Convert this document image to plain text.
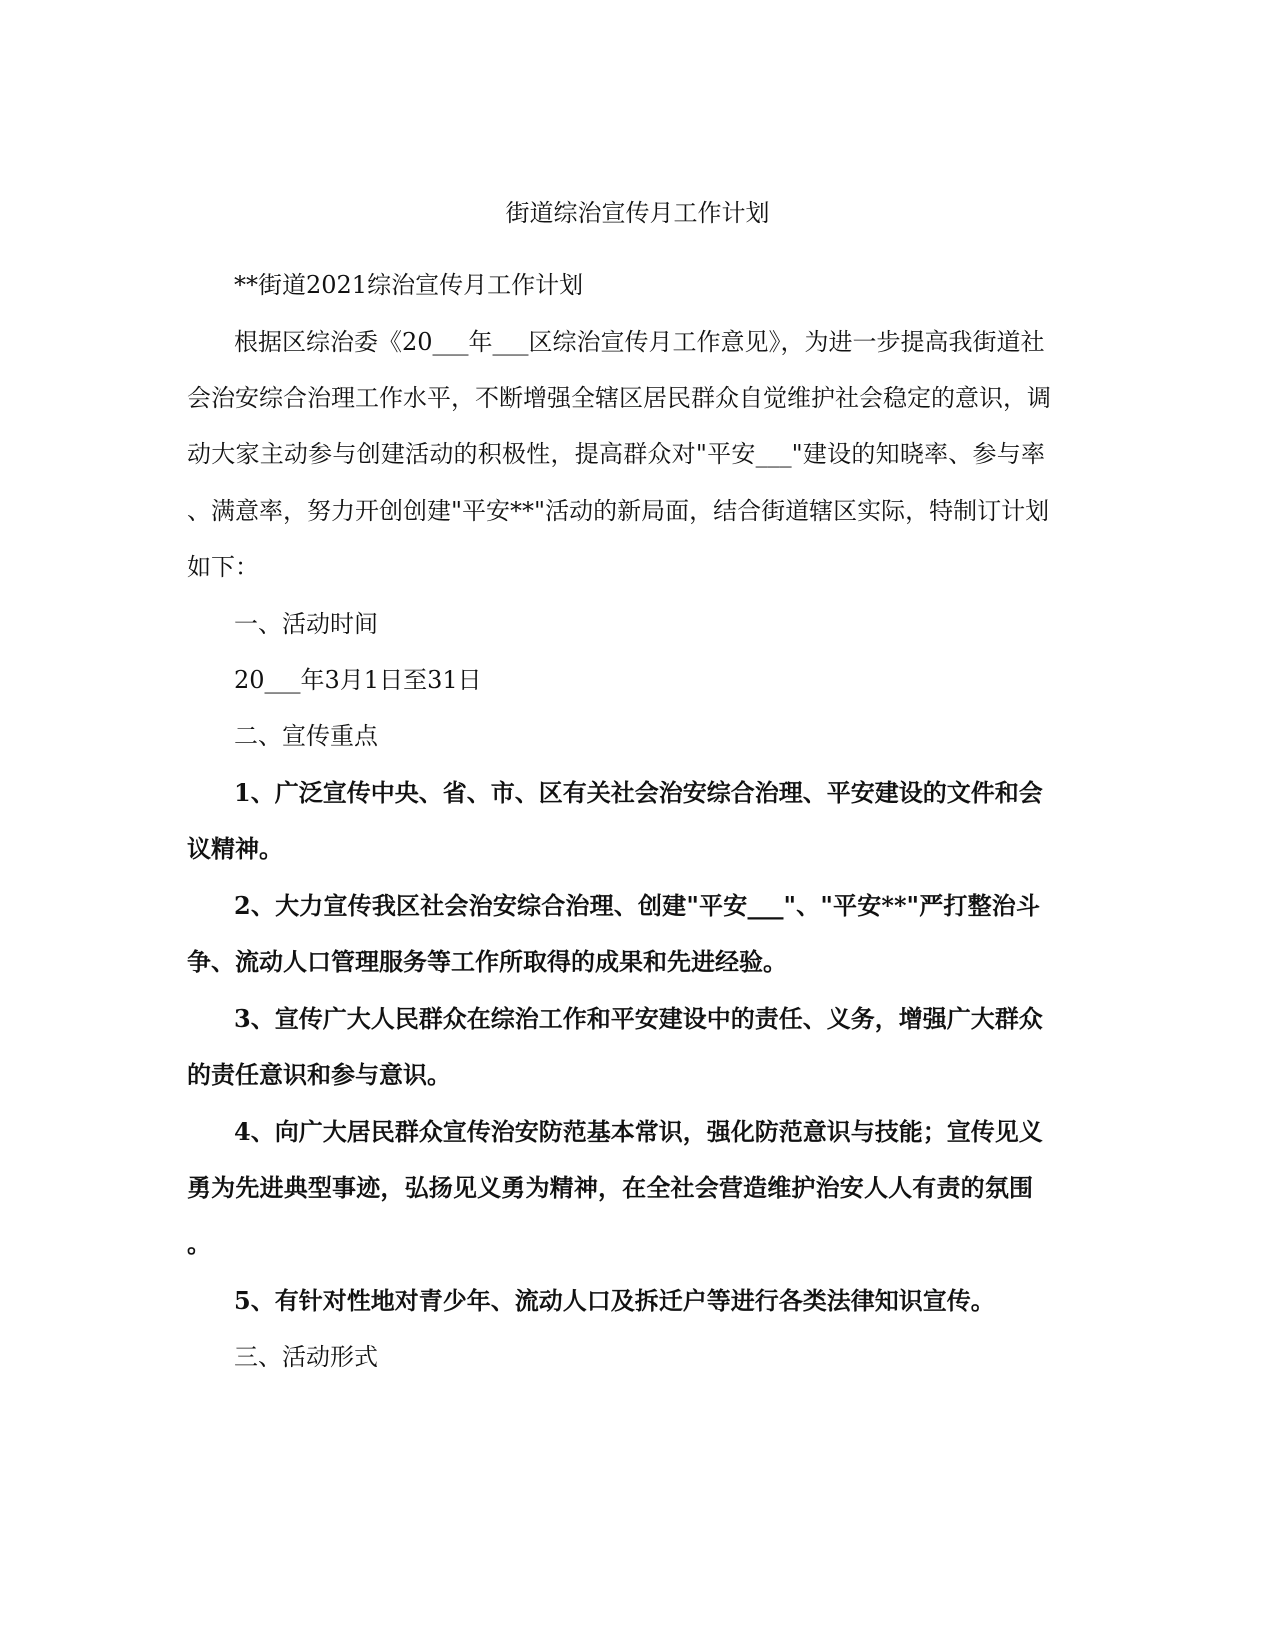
街道综治宣传月工作计划
**街道2021综治宣传月工作计划
根据区综治委《20___年___区综治宣传月工作意见》，为进一步提高我街道社
会治安综合治理工作水平，不断增强全辖区居民群众自觉维护社会稳定的意识，调
动大家主动参与创建活动的积极性，提高群众对"平安___"建设的知晓率、参与率
、满意率，努力开创创建"平安**"活动的新局面，结合街道辖区实际，特制订计划
如下：
一、活动时间
20___年3月1日至31日
二、宣传重点
1、广泛宣传中央、省、市、区有关社会治安综合治理、平安建设的文件和会
议精神。
2、大力宣传我区社会治安综合治理、创建"平安___"、"平安**"严打整治斗
争、流动人口管理服务等工作所取得的成果和先进经验。
3、宣传广大人民群众在综治工作和平安建设中的责任、义务，增强广大群众
的责任意识和参与意识。
4、向广大居民群众宣传治安防范基本常识，强化防范意识与技能；宣传见义
勇为先进典型事迹，弘扬见义勇为精神，在全社会营造维护治安人人有责的氛围
。
5、有针对性地对青少年、流动人口及拆迁户等进行各类法律知识宣传。
三、活动形式
